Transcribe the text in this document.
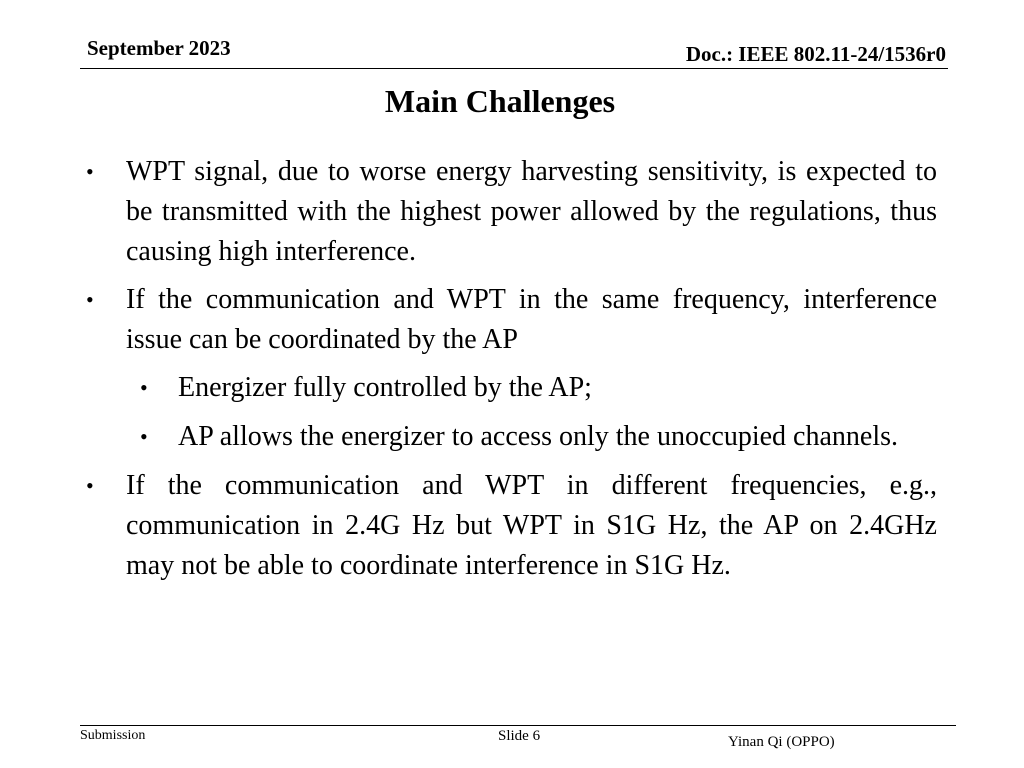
September 2023	Doc.: IEEE 802.11-24/1536r0
Main Challenges
• WPT signal, due to worse energy harvesting sensitivity, is expected to be transmitted with the highest power allowed by the regulations, thus causing high interference.
• If the communication and WPT in the same frequency, interference issue can be coordinated by the AP
• Energizer fully controlled by the AP;
• AP allows the energizer to access only the unoccupied channels.
• If the communication and WPT in different frequencies, e.g., communication in 2.4G Hz but WPT in S1G Hz, the AP on 2.4GHz may not be able to coordinate interference in S1G Hz.
Submission	Slide 6	Yinan Qi (OPPO)
